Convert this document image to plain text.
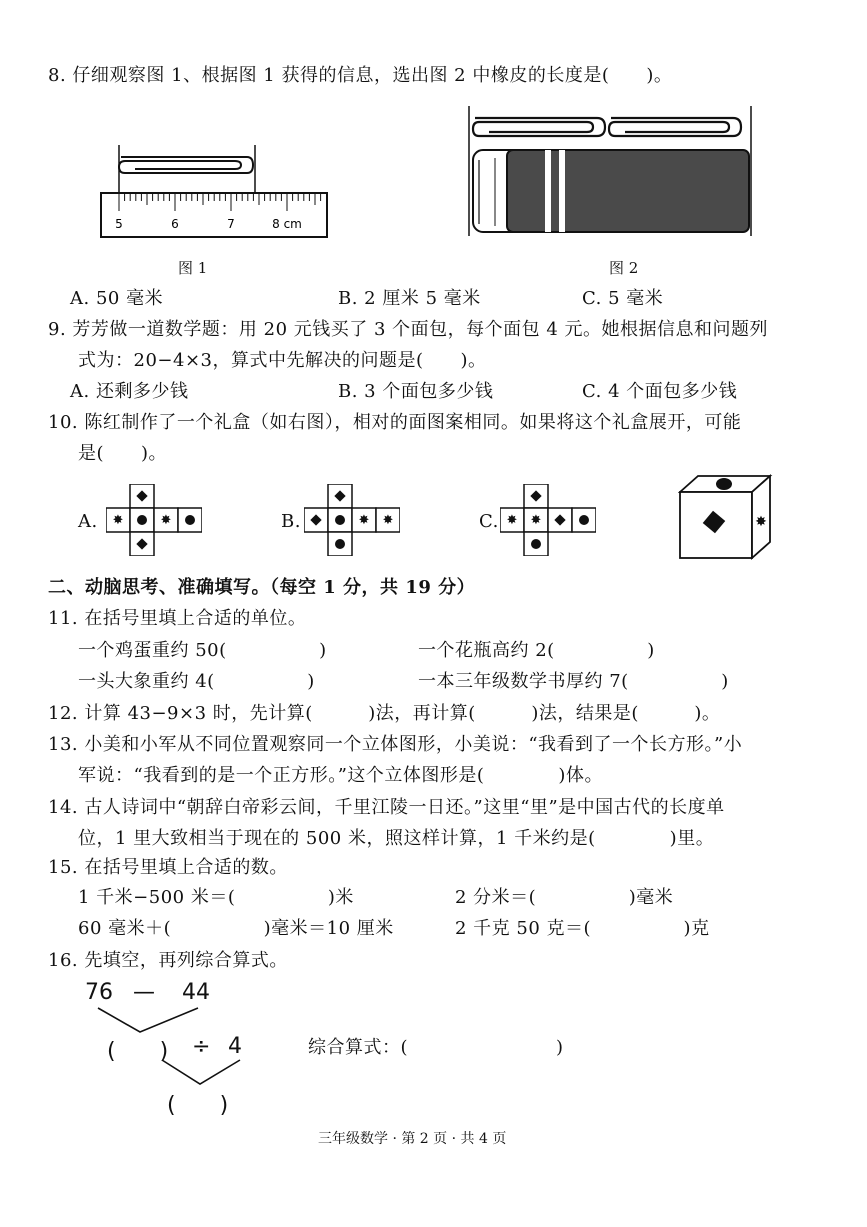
8. 仔细观察图 1、根据图 1 获得的信息，选出图 2 中橡皮的长度是(　　)。
5	6	7	8 cm
图 1	图 2
A. 50 毫米	B. 2 厘米 5 毫米	C. 5 毫米
9. 芳芳做一道数学题：用 20 元钱买了 3 个面包，每个面包 4 元。她根据信息和问题列
式为：20−4×3，算式中先解决的问题是(　　)。
A. 还剩多少钱	B. 3 个面包多少钱	C. 4 个面包多少钱
10. 陈红制作了一个礼盒（如右图），相对的面图案相同。如果将这个礼盒展开，可能
是(　　)。
A. ✸	✸	B.	✸ ✸	C. ✸ ✸	✸
二、动脑思考、准确填写。（每空 1 分，共 19 分）
11. 在括号里填上合适的单位。
一个鸡蛋重约 50(　　　　　)	一个花瓶高约 2(　　　　　)
一头大象重约 4(　　　　　)	一本三年级数学书厚约 7(　　　　　)
12. 计算 43−9×3 时，先计算(　　　)法，再计算(　　　)法，结果是(　　　)。
13. 小美和小军从不同位置观察同一个立体图形，小美说：“我看到了一个长方形。”小
军说：“我看到的是一个正方形。”这个立体图形是(　　　　)体。
14. 古人诗词中“朝辞白帝彩云间，千里江陵一日还。”这里“里”是中国古代的长度单
位，1 里大致相当于现在的 500 米，照这样计算，1 千米约是(　　　　)里。
15. 在括号里填上合适的数。
1 千米−500 米＝(　　　　　)米	2 分米＝(　　　　　)毫米
60 毫米＋(　　　　　)毫米＝10 厘米	2 千克 50 克＝(　　　　　)克
16. 先填空，再列综合算式。
76 — 44
(　　) ÷ 4	综合算式：(　　　　　　　　)
(　　)
三年级数学 · 第 2 页 · 共 4 页
